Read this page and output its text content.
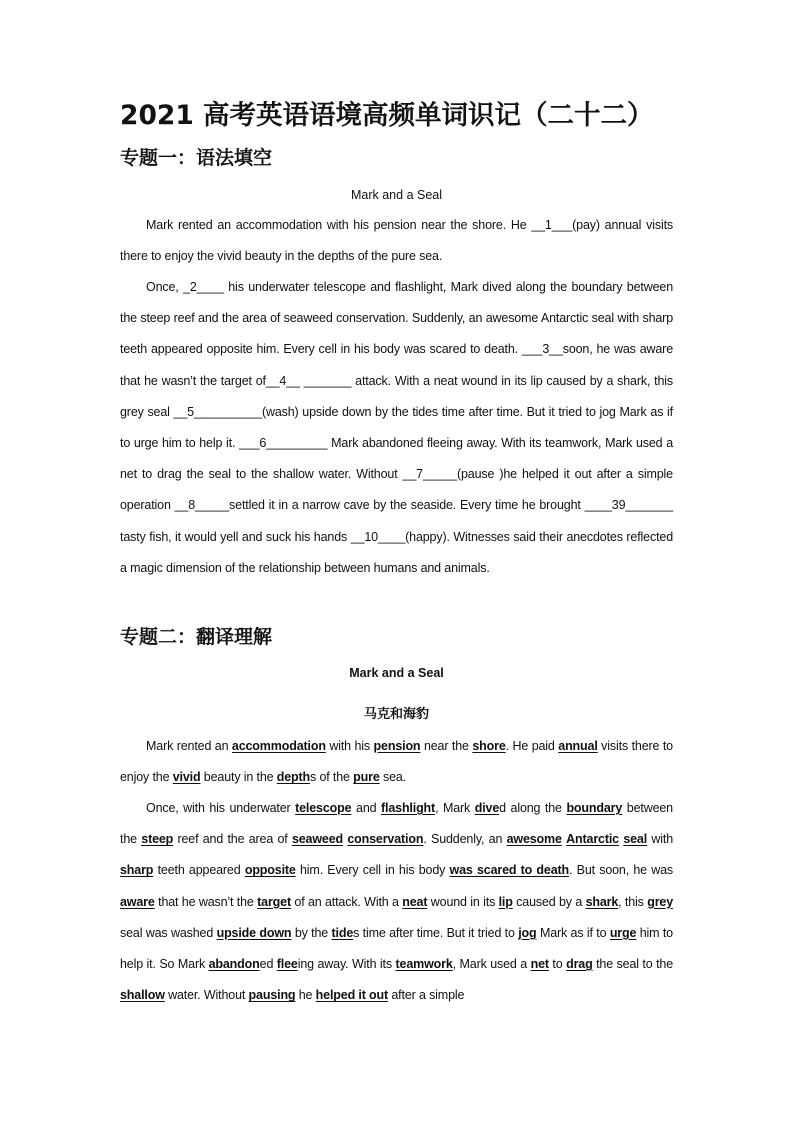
2021 高考英语语境高频单词识记（二十二）
专题一：语法填空
Mark and a Seal

Mark rented an accommodation with his pension near the shore. He __1___(pay) annual visits there to enjoy the vivid beauty in the depths of the pure sea.

Once, _2____ his underwater telescope and flashlight, Mark dived along the boundary between the steep reef and the area of seaweed conservation. Suddenly, an awesome Antarctic seal with sharp teeth appeared opposite him. Every cell in his body was scared to death. ___3__soon, he was aware that he wasn’t the target of__4__ _______ attack. With a neat wound in its lip caused by a shark, this grey seal __5__________(wash) upside down by the tides time after time. But it tried to jog Mark as if to urge him to help it. ___6_________ Mark abandoned fleeing away. With its teamwork, Mark used a net to drag the seal to the shallow water. Without __7_____(pause )he helped it out after a simple operation __8_____settled it in a narrow cave by the seaside. Every time he brought ____39_______ tasty fish, it would yell and suck his hands __10____(happy). Witnesses said their anecdotes reflected a magic dimension of the relationship between humans and animals.

专题二：翻译理解
Mark and a Seal
马克和海豹

Mark rented an accommodation with his pension near the shore. He paid annual visits there to enjoy the vivid beauty in the depths of the pure sea.

Once, with his underwater telescope and flashlight, Mark dived along the boundary between the steep reef and the area of seaweed conservation. Suddenly, an awesome Antarctic seal with sharp teeth appeared opposite him. Every cell in his body was scared to death. But soon, he was aware that he wasn’t the target of an attack. With a neat wound in its lip caused by a shark, this grey seal was washed upside down by the tides time after time. But it tried to jog Mark as if to urge him to help it. So Mark abandoned fleeing away. With its teamwork, Mark used a net to drag the seal to the shallow water. Without pausing he helped it out after a simple
